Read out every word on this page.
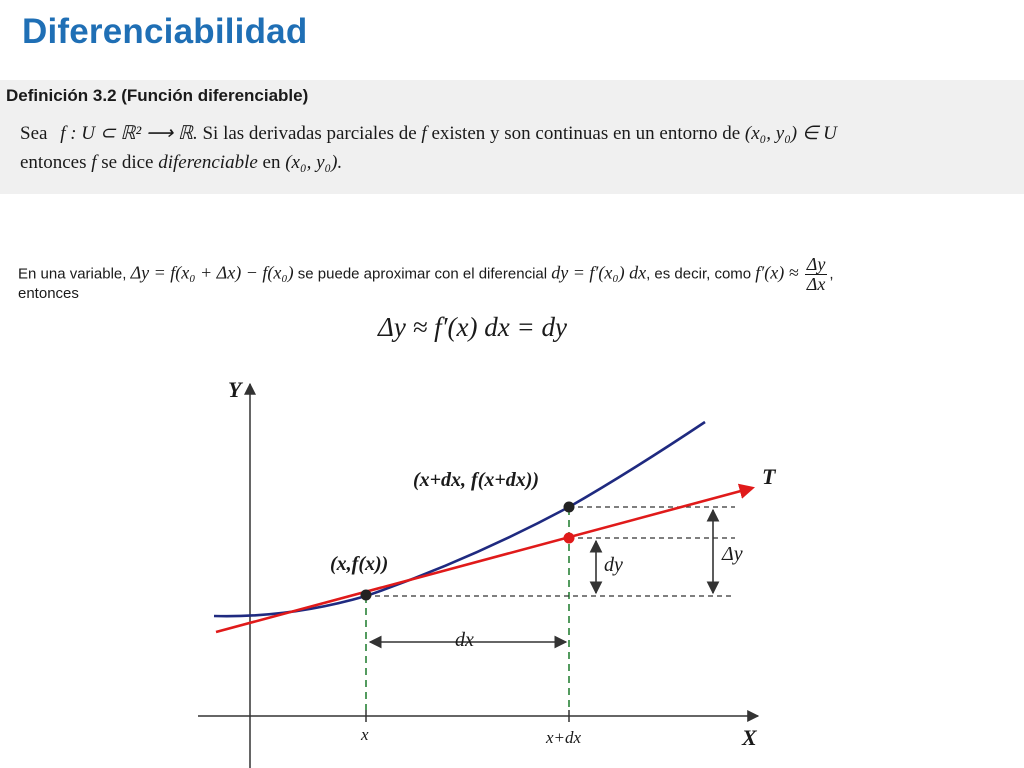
Diferenciabilidad
Definición 3.2 (Función diferenciable)
Sea f : U ⊂ ℝ² ⟶ ℝ. Si las derivadas parciales de f existen y son continuas en un entorno de (x₀, y₀) ∈ U
entonces f se dice diferenciable en (x₀, y₀).
En una variable, Δy = f(x₀ + Δx) − f(x₀) se puede aproximar con el diferencial dy = f′(x₀) dx, es decir, como $f'(x) \approx \frac{\Delta y}{\Delta x}$ ,
entonces
Δy ≈ f′(x) dx = dy
Y
X
T
(x,f(x))
(x+dx, f(x+dx))
dx
dy	Δy
x	x+dx
